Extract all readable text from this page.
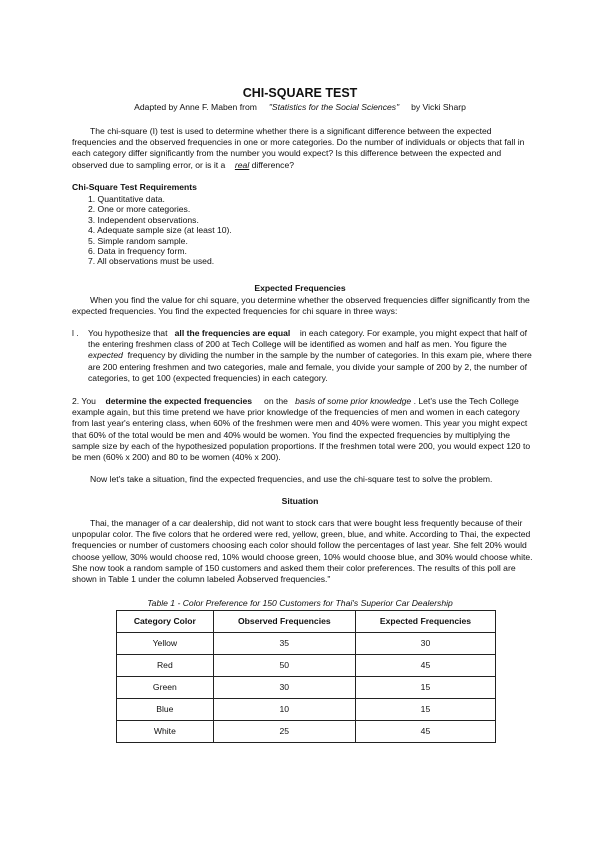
CHI-SQUARE TEST
Adapted by Anne F. Maben from "Statistics for the Social Sciences" by Vicki Sharp
The chi-square (I) test is used to determine whether there is a significant difference between the expected frequencies and the observed frequencies in one or more categories. Do the number of individuals or objects that fall in each category differ significantly from the number you would expect? Is this difference between the expected and observed due to sampling error, or is it a real difference?
Chi-Square Test Requirements
1. Quantitative data.
2. One or more categories.
3. Independent observations.
4. Adequate sample size (at least 10).
5. Simple random sample.
6. Data in frequency form.
7. All observations must be used.
Expected Frequencies
When you find the value for chi square, you determine whether the observed frequencies differ significantly from the expected frequencies. You find the expected frequencies for chi square in three ways:
l . You hypothesize that all the frequencies are equal in each category. For example, you might expect that half of the entering freshmen class of 200 at Tech College will be identified as women and half as men. You figure the  expected frequency by dividing the number in the sample by the number of categories. In this exam pie, where there are 200 entering freshmen and two categories, male and female, you divide your sample of 200 by 2, the number of categories, to get 100 (expected frequencies) in each category.
2. You determine the expected frequencies on the basis of some prior knowledge . Let's use the Tech College example again, but this time pretend we have prior knowledge of the frequencies of men and women in each category from last year's entering class, when 60% of the freshmen were men and 40% were women. This year you might expect that 60% of the total would be men and 40% would be women. You find the expected frequencies by multiplying the sample size by each of the hypothesized population proportions. If the freshmen total were 200, you would expect 120 to be men (60% x 200) and 80 to be women (40% x 200).
Now let's take a situation, find the expected frequencies, and use the chi-square test to solve the problem.
Situation
Thai, the manager of a car dealership, did not want to stock cars that were bought less frequently because of their unpopular color. The five colors that he ordered were red, yellow, green, blue, and white. According to Thai, the expected frequencies or number of customers choosing each color should follow the percentages of last year. She felt 20% would choose yellow, 30% would choose red, 10% would choose green, 10% would choose blue, and 30% would choose white. She now took a random sample of 150 customers and asked them their color preferences. The results of this poll are shown in Table 1 under the column labeled Âobserved frequencies."
Table 1 - Color Preference for 150 Customers for Thai's Superior Car Dealership
Category Color	Observed Frequencies	Expected Frequencies
Yellow	35	30
Red	50	45
Green	30	15
Blue	10	15
White	25	45
